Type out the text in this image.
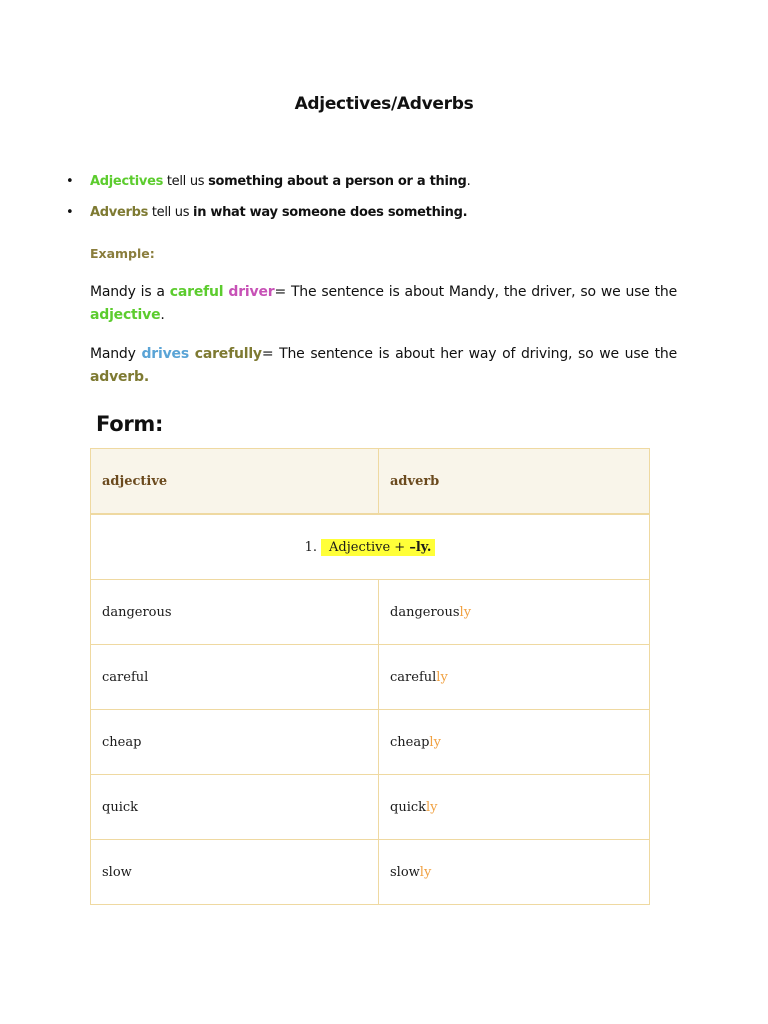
Adjectives/Adverbs
• Adjectives tell us something about a person or a thing.
• Adverbs tell us in what way someone does something.
Example:

Mandy is a careful driver= The sentence is about Mandy, the driver, so we use the adjective.

Mandy drives carefully= The sentence is about her way of driving, so we use the adverb.

Form:
adjective	adverb
1. Adjective + –ly.	
dangerous	dangerously
careful	carefully
cheap	cheaply
quick	quickly
slow	slowly
